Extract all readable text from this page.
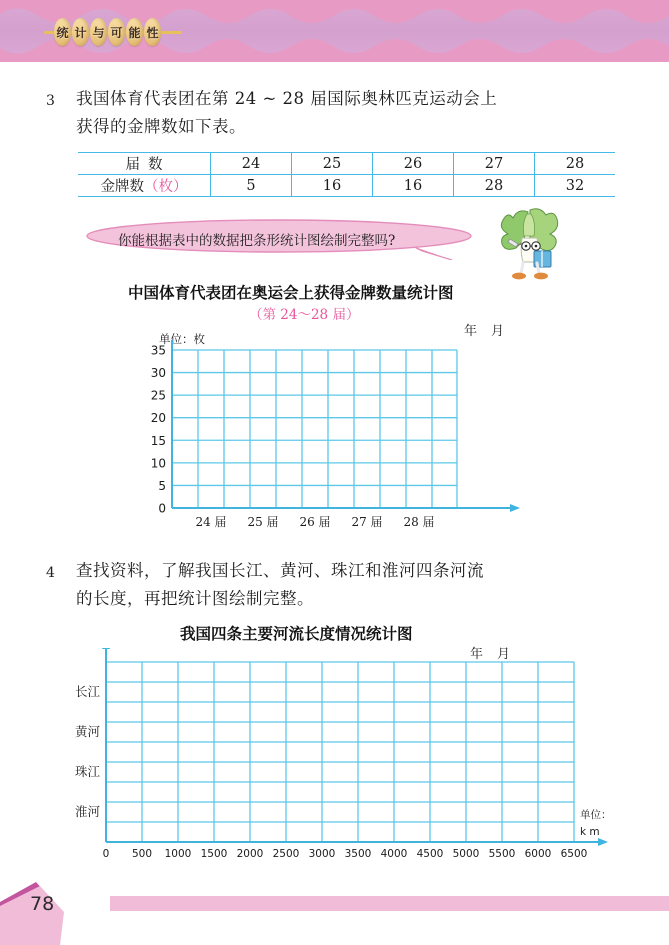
统 计 与 可 能 性
3 我国体育代表团在第 24 ~ 28 届国际奥林匹克运动会上
获得的金牌数如下表。
届数	24	25	26	27	28
金牌数（枚）	5	16	16	28	32
你能根据表中的数据把条形统计图绘制完整吗?
中国体育代表团在奥运会上获得金牌数量统计图
（第 24～28 届）
年月
单位：枚
0
5
10
15
20
25
30
35
24 届 25 届 26 届 27 届 28 届
4 查找资料，了解我国长江、黄河、珠江和淮河四条河流
的长度，再把统计图绘制完整。
我国四条主要河流长度情况统计图
年月
长江
黄河
珠江
淮河
0 500 1000 1500 2000 2500 3000 3500 4000 4500 5000 5500 6000 6500
单位：
k m
78
